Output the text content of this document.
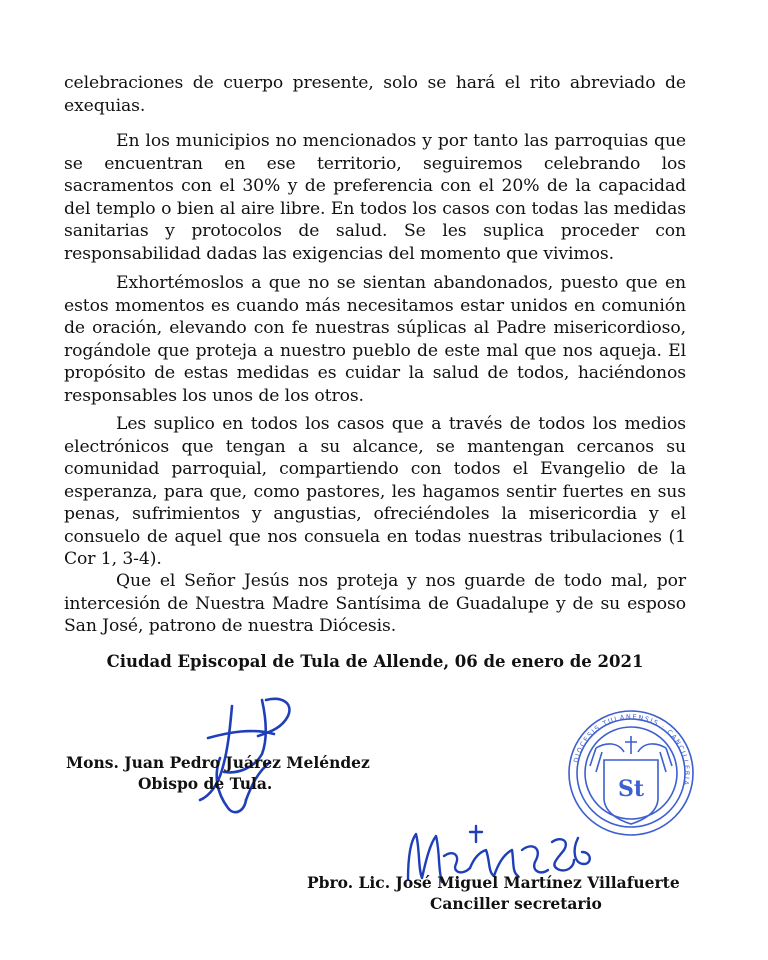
celebraciones de cuerpo presente, solo se hará el rito abreviado de exequias.

En los municipios no mencionados y por tanto las parroquias que se encuentran en ese territorio, seguiremos celebrando los sacramentos con el 30% y de preferencia con el 20% de la capacidad del templo o bien al aire libre. En todos los casos con todas las medidas sanitarias y protocolos de salud. Se les suplica proceder con responsabilidad dadas las exigencias del momento que vivimos.

Exhortémoslos a que no se sientan abandonados, puesto que en estos momentos es cuando más necesitamos estar unidos en comunión de oración, elevando con fe nuestras súplicas al Padre misericordioso, rogándole que proteja a nuestro pueblo de este mal que nos aqueja. El propósito de estas medidas es cuidar la salud de todos, haciéndonos responsables los unos de los otros.

Les suplico en todos los casos que a través de todos los medios electrónicos que tengan a su alcance, se mantengan cercanos su comunidad parroquial, compartiendo con todos el Evangelio de la esperanza, para que, como pastores, les hagamos sentir fuertes en sus penas, sufrimientos y angustias, ofreciéndoles la misericordia y el consuelo de aquel que nos consuela en todas nuestras tribulaciones (1 Cor 1, 3-4).

Que el Señor Jesús nos proteja y nos guarde de todo mal, por intercesión de Nuestra Madre Santísima de Guadalupe y de su esposo San José, patrono de nuestra Diócesis.

Ciudad Episcopal de Tula de Allende, 06 de enero de 2021
Mons. Juan Pedro Juárez Meléndez
Obispo de Tula.	St
DIOCESIS TULANENSIS · CANCILLERIA
Pbro. Lic. José Miguel Martínez Villafuerte
Canciller secretario
